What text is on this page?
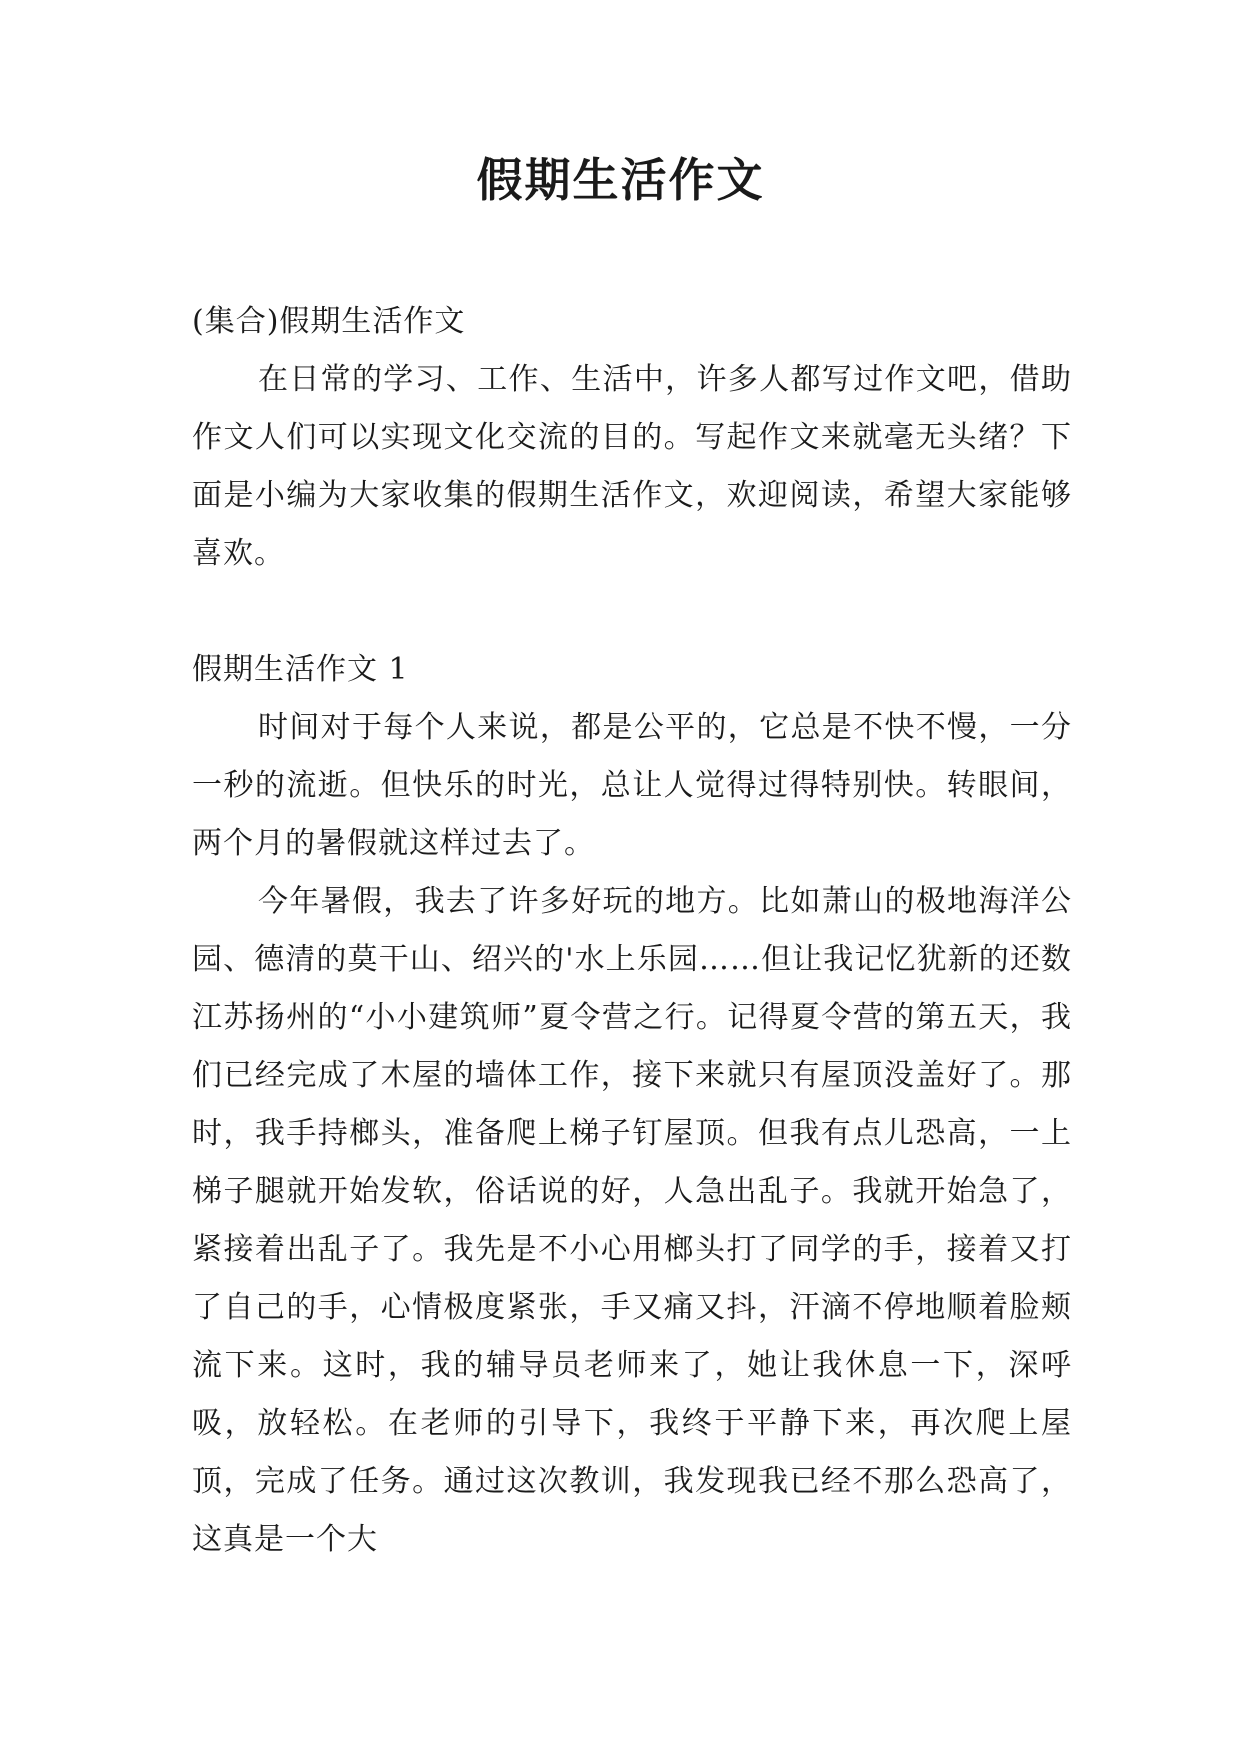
假期生活作文

(集合)假期生活作文

在日常的学习、工作、生活中，许多人都写过作文吧，借助作文人们可以实现文化交流的目的。写起作文来就毫无头绪？下面是小编为大家收集的假期生活作文，欢迎阅读，希望大家能够喜欢。

假期生活作文 1

时间对于每个人来说，都是公平的，它总是不快不慢，一分一秒的流逝。但快乐的时光，总让人觉得过得特别快。转眼间，两个月的暑假就这样过去了。

今年暑假，我去了许多好玩的地方。比如萧山的极地海洋公园、德清的莫干山、绍兴的'水上乐园……但让我记忆犹新的还数江苏扬州的“小小建筑师”夏令营之行。记得夏令营的第五天，我们已经完成了木屋的墙体工作，接下来就只有屋顶没盖好了。那时，我手持榔头，准备爬上梯子钉屋顶。但我有点儿恐高，一上梯子腿就开始发软，俗话说的好，人急出乱子。我就开始急了，紧接着出乱子了。我先是不小心用榔头打了同学的手，接着又打了自己的手，心情极度紧张，手又痛又抖，汗滴不停地顺着脸颊流下来。这时，我的辅导员老师来了，她让我休息一下，深呼吸，放轻松。在老师的引导下，我终于平静下来，再次爬上屋顶，完成了任务。通过这次教训，我发现我已经不那么恐高了，这真是一个大
